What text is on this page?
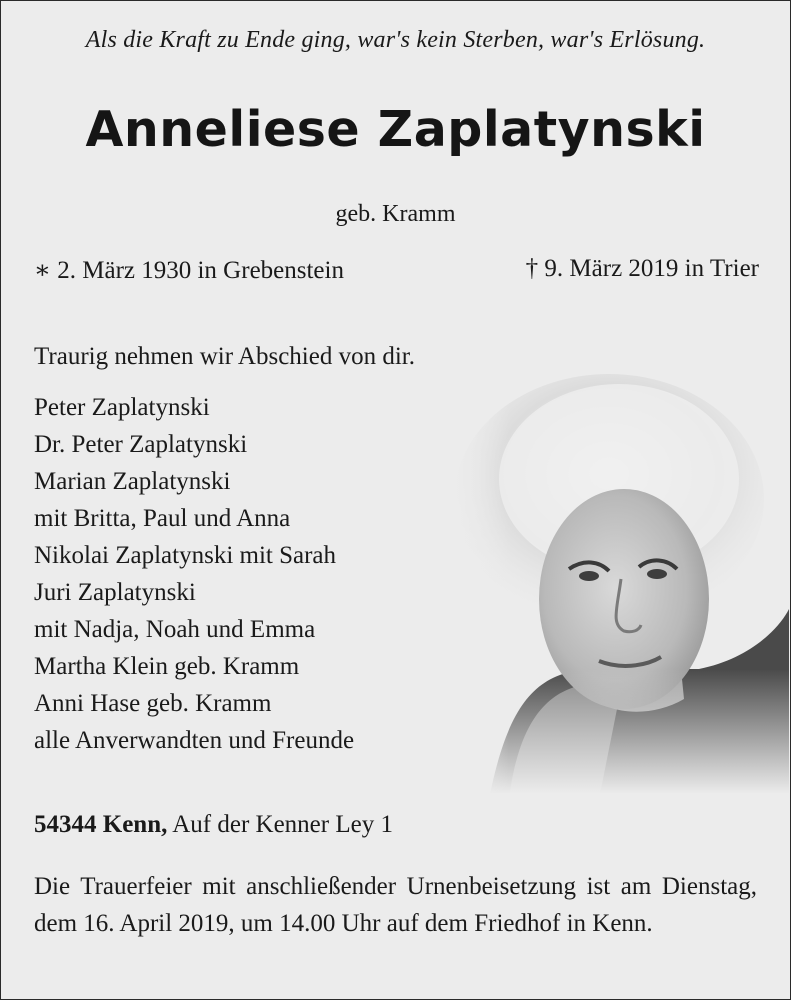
Als die Kraft zu Ende ging, war's kein Sterben, war's Erlösung.
Anneliese Zaplatynski
geb. Kramm
∗ 2. März 1930 in Grebenstein	† 9. März 2019 in Trier
Traurig nehmen wir Abschied von dir.
Peter Zaplatynski
Dr. Peter Zaplatynski
Marian Zaplatynski
mit Britta, Paul und Anna
Nikolai Zaplatynski mit Sarah
Juri Zaplatynski
mit Nadja, Noah und Emma
Martha Klein geb. Kramm
Anni Hase geb. Kramm
alle Anverwandten und Freunde
54344 Kenn, Auf der Kenner Ley 1
Die Trauerfeier mit anschließender Urnenbeisetzung ist am Dienstag, dem 16. April 2019, um 14.00 Uhr auf dem Friedhof in Kenn.
